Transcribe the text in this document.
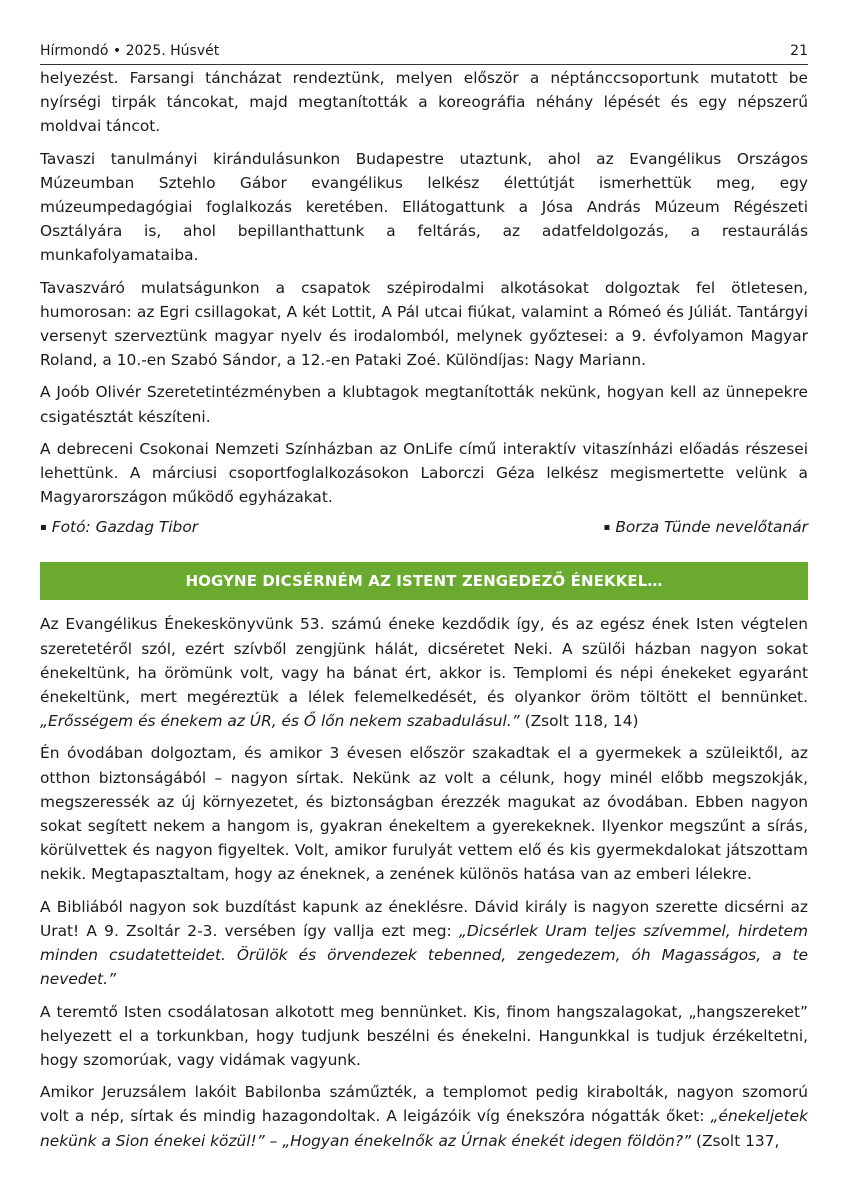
Hírmondó • 2025. Húsvét	21

helyezést. Farsangi táncházat rendeztünk, melyen először a néptánccsoportunk mutatott be nyírségi tirpák táncokat, majd megtanították a koreográfia néhány lépését és egy népszerű moldvai táncot.

Tavaszi tanulmányi kirándulásunkon Budapestre utaztunk, ahol az Evangélikus Országos Múzeumban Sztehlo Gábor evangélikus lelkész élettútját ismerhettük meg, egy múzeumpedagógiai foglalkozás keretében. Ellátogattunk a Jósa András Múzeum Régészeti Osztályára is, ahol bepillanthattunk a feltárás, az adatfeldolgozás, a restaurálás munkafolyamataiba.

Tavaszváró mulatságunkon a csapatok szépirodalmi alkotásokat dolgoztak fel ötletesen, humorosan: az Egri csillagokat, A két Lottit, A Pál utcai fiúkat, valamint a Rómeó és Júliát. Tantárgyi versenyt szerveztünk magyar nyelv és irodalomból, melynek győztesei: a 9. évfolyamon Magyar Roland, a 10.-en Szabó Sándor, a 12.-en Pataki Zoé. Különdíjas: Nagy Mariann.

A Joób Olivér Szeretetintézményben a klubtagok megtanították nekünk, hogyan kell az ünnepekre csigatésztát készíteni.

A debreceni Csokonai Nemzeti Színházban az OnLife című interaktív vitaszínházi előadás részesei lehettünk. A márciusi csoportfoglalkozásokon Laborczi Géza lelkész megismertette velünk a Magyarországon működő egyházakat.

▪ Fotó: Gazdag Tibor	▪ Borza Tünde nevelőtanár
HOGYNE DICSÉRNÉM AZ ISTENT ZENGEDEZŐ ÉNEKKEL…

Az Evangélikus Énekeskönyvünk 53. számú éneke kezdődik így, és az egész ének Isten végtelen szeretetéről szól, ezért szívből zengjünk hálát, dicséretet Neki. A szülői házban nagyon sokat énekeltünk, ha örömünk volt, vagy ha bánat ért, akkor is. Templomi és népi énekeket egyaránt énekeltünk, mert megéreztük a lélek felemelkedését, és olyankor öröm töltött el bennünket. „Erősségem és énekem az ÚR, és Ő lőn nekem szabadulásul.” (Zsolt 118, 14)

Én óvodában dolgoztam, és amikor 3 évesen először szakadtak el a gyermekek a szüleiktől, az otthon biztonságából – nagyon sírtak. Nekünk az volt a célunk, hogy minél előbb megszokják, megszeressék az új környezetet, és biztonságban érezzék magukat az óvodában. Ebben nagyon sokat segített nekem a hangom is, gyakran énekeltem a gyerekeknek. Ilyenkor megszűnt a sírás, körülvettek és nagyon figyeltek. Volt, amikor furulyát vettem elő és kis gyermekdalokat játszottam nekik. Megtapasztaltam, hogy az éneknek, a zenének különös hatása van az emberi lélekre.

A Bibliából nagyon sok buzdítást kapunk az éneklésre. Dávid király is nagyon szerette dicsérni az Urat! A 9. Zsoltár 2-3. versében így vallja ezt meg: „Dicsérlek Uram teljes szívemmel, hirdetem minden csudatetteidet. Örülök és örvendezek tebenned, zengedezem, óh Magasságos, a te nevedet.”

A teremtő Isten csodálatosan alkotott meg bennünket. Kis, finom hangszalagokat, „hangszereket” helyezett el a torkunkban, hogy tudjunk beszélni és énekelni. Hangunkkal is tudjuk érzékeltetni, hogy szomorúak, vagy vidámak vagyunk.

Amikor Jeruzsálem lakóit Babilonba száműzték, a templomot pedig kirabolták, nagyon szomorú volt a nép, sírtak és mindig hazagondoltak. A leigázóik víg énekszóra nógatták őket: „énekeljetek nekünk a Sion énekei közül!” – „Hogyan énekelnők az Úrnak énekét idegen földön?” (Zsolt 137,
